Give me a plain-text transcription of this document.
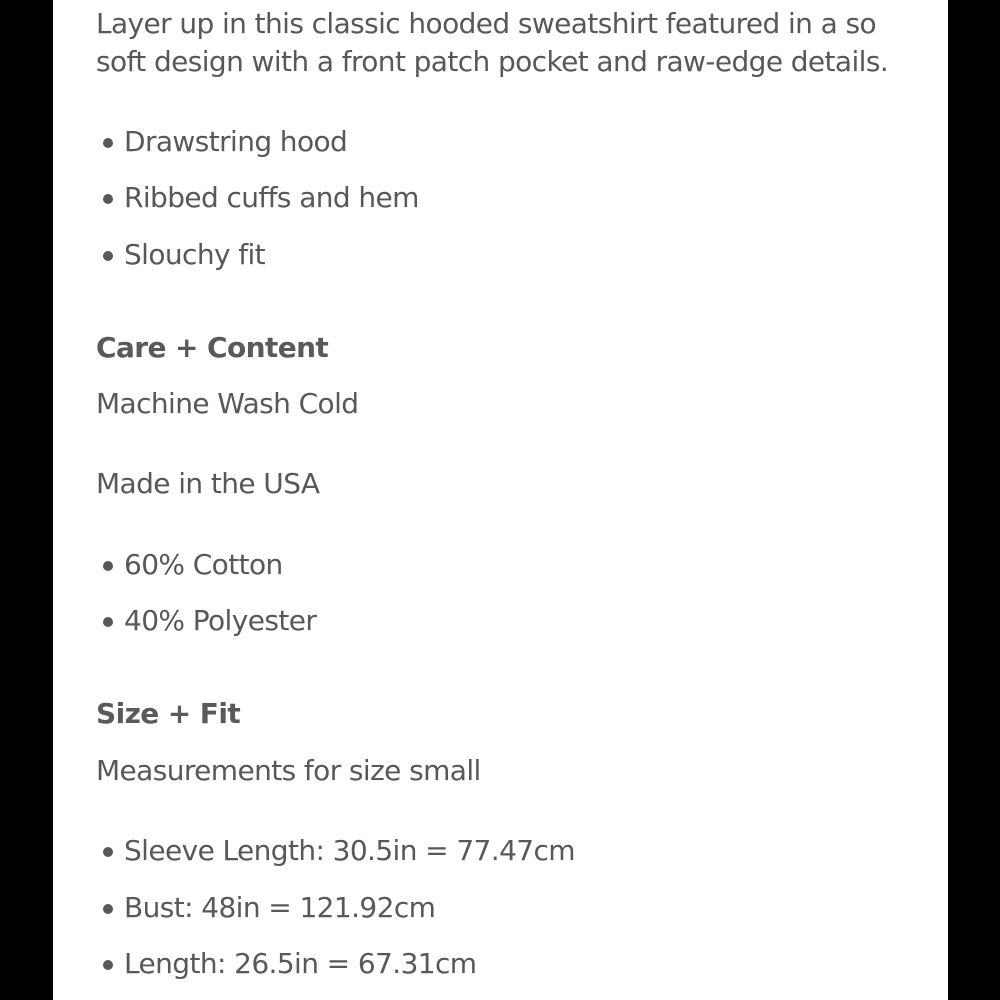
Layer up in this classic hooded sweatshirt featured in a so
soft design with a front patch pocket and raw-edge details.
Drawstring hood
Ribbed cuffs and hem
Slouchy fit
Care + Content
Machine Wash Cold
Made in the USA
60% Cotton
40% Polyester
Size + Fit
Measurements for size small
Sleeve Length: 30.5in = 77.47cm
Bust: 48in = 121.92cm
Length: 26.5in = 67.31cm
